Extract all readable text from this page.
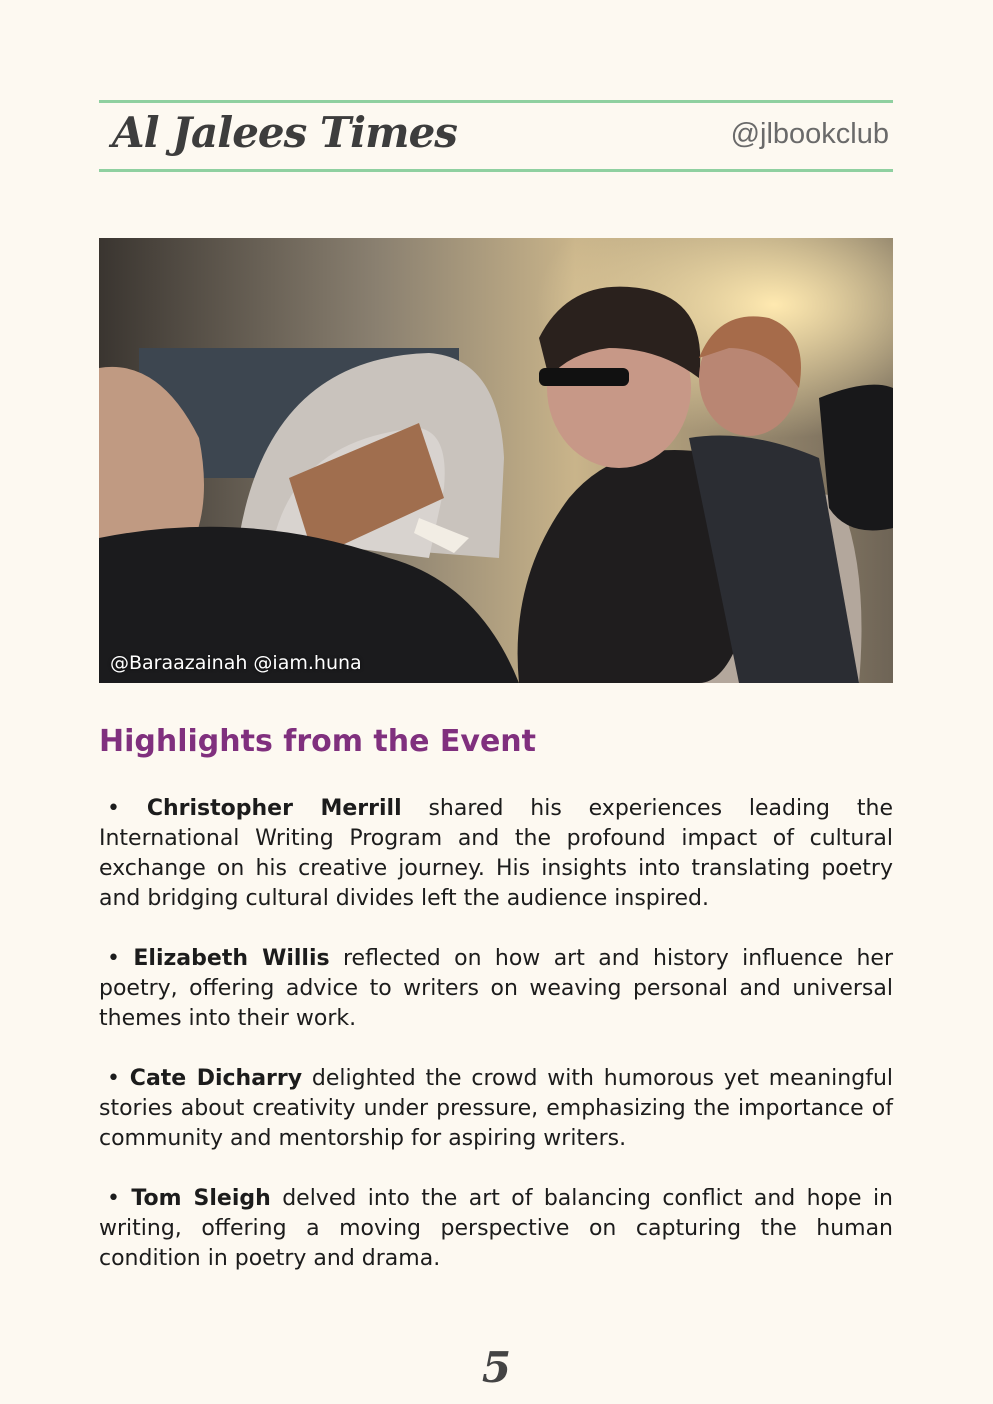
Al Jalees Times	@jlbookclub
@Baraazainah @iam.huna
Highlights from the Event

• Christopher Merrill shared his experiences leading the International Writing Program and the profound impact of cultural exchange on his creative journey. His insights into translating poetry and bridging cultural divides left the audience inspired.

• Elizabeth Willis reflected on how art and history influence her poetry, offering advice to writers on weaving personal and universal themes into their work.

• Cate Dicharry delighted the crowd with humorous yet meaningful stories about creativity under pressure, emphasizing the importance of community and mentorship for aspiring writers.

• Tom Sleigh delved into the art of balancing conflict and hope in writing, offering a moving perspective on capturing the human condition in poetry and drama.

5
